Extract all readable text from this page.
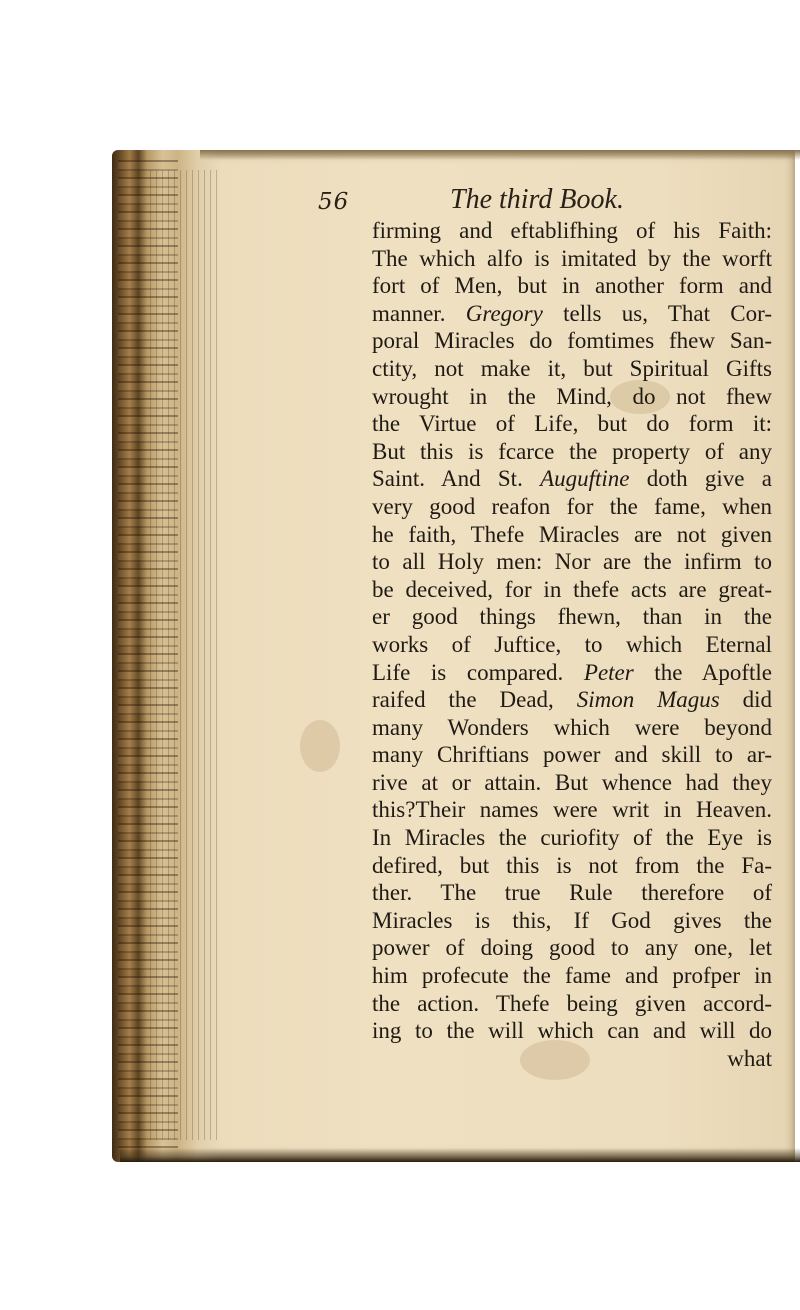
56	The third Book.
firming and eftablifhing of his Faith:
The which alfo is imitated by the worft
fort of Men, but in another form and
manner. Gregory tells us, That Cor-
poral Miracles do fomtimes fhew San-
ctity, not make it, but Spiritual Gifts
wrought in the Mind, do not fhew
the Virtue of Life, but do form it:
But this is fcarce the property of any
Saint. And St. Auguftine doth give a
very good reafon for the fame, when
he faith, Thefe Miracles are not given
to all Holy men: Nor are the infirm to
be deceived, for in thefe acts are great-
er good things fhewn, than in the
works of Juftice, to which Eternal
Life is compared. Peter the Apoftle
raifed the Dead, Simon Magus did
many Wonders which were beyond
many Chriftians power and skill to ar-
rive at or attain. But whence had they
this?Their names were writ in Heaven.
In Miracles the curiofity of the Eye is
defired, but this is not from the Fa-
ther. The true Rule therefore of
Miracles is this, If God gives the
power of doing good to any one, let
him profecute the fame and profper in
the action. Thefe being given accord-
ing to the will which can and will do
what
